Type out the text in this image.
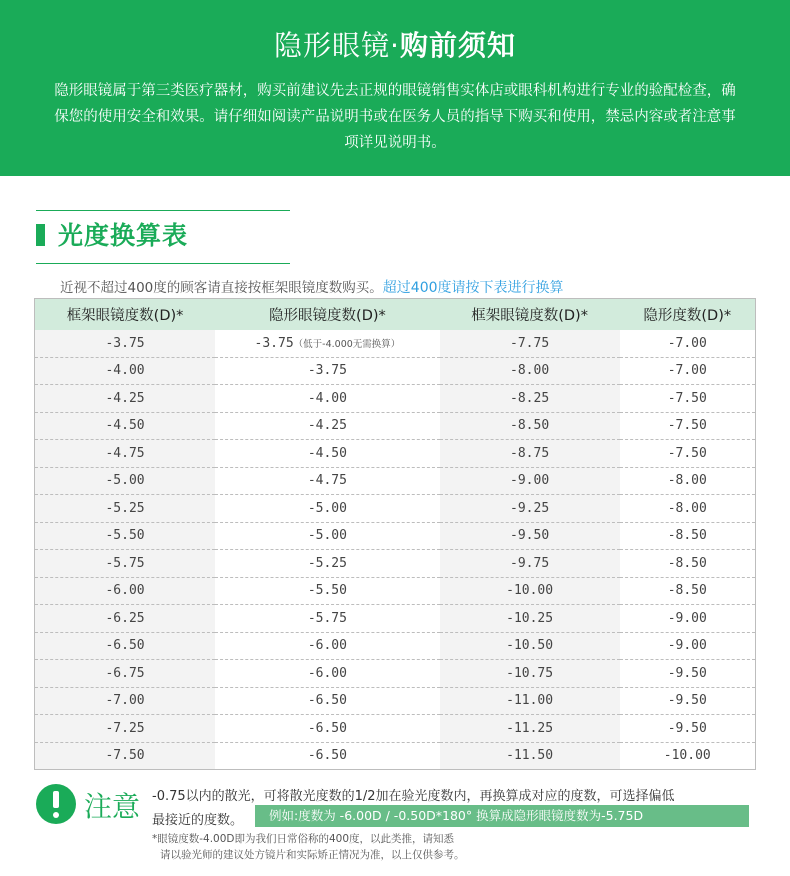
隐形眼镜·购前须知
隐形眼镜属于第三类医疗器材，购买前建议先去正规的眼镜销售实体店或眼科机构进行专业的验配检查，确保您的使用安全和效果。请仔细如阅读产品说明书或在医务人员的指导下购买和使用，禁忌内容或者注意事项详见说明书。
光度换算表
近视不超过400度的顾客请直接按框架眼镜度数购买。超过400度请按下表进行换算
框架眼镜度数(D)*	隐形眼镜度数(D)*	框架眼镜度数(D)*	隐形度数(D)*
-3.75	-3.75（低于-4.000无需换算）	-7.75	-7.00
-4.00	-3.75	-8.00	-7.00
-4.25	-4.00	-8.25	-7.50
-4.50	-4.25	-8.50	-7.50
-4.75	-4.50	-8.75	-7.50
-5.00	-4.75	-9.00	-8.00
-5.25	-5.00	-9.25	-8.00
-5.50	-5.00	-9.50	-8.50
-5.75	-5.25	-9.75	-8.50
-6.00	-5.50	-10.00	-8.50
-6.25	-5.75	-10.25	-9.00
-6.50	-6.00	-10.50	-9.00
-6.75	-6.00	-10.75	-9.50
-7.00	-6.50	-11.00	-9.50
-7.25	-6.50	-11.25	-9.50
-7.50	-6.50	-11.50	-10.00
注意 -0.75以内的散光，可将散光度数的1/2加在验光度数内，再换算成对应的度数，可选择偏低
最接近的度数。	例如:度数为 -6.00D / -0.50D*180° 换算成隐形眼镜度数为-5.75D
*眼镜度数-4.00D即为我们日常俗称的400度，以此类推，请知悉
请以验光师的建议处方镜片和实际矫正情况为准，以上仅供参考。
